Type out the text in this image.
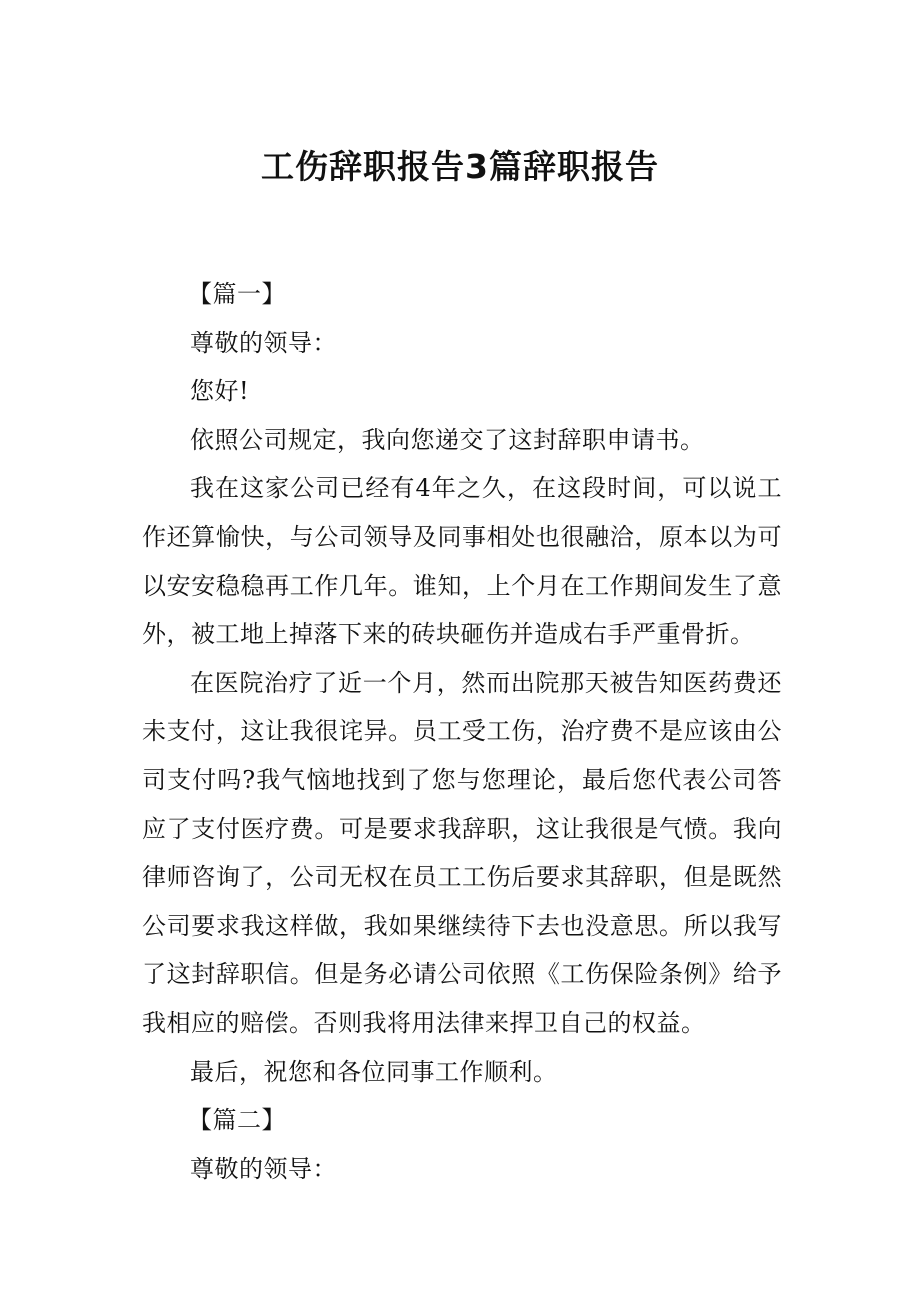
工伤辞职报告3篇辞职报告

【篇一】

尊敬的领导：

您好!

依照公司规定，我向您递交了这封辞职申请书。

我在这家公司已经有4年之久，在这段时间，可以说工作还算愉快，与公司领导及同事相处也很融洽，原本以为可以安安稳稳再工作几年。谁知，上个月在工作期间发生了意外，被工地上掉落下来的砖块砸伤并造成右手严重骨折。

在医院治疗了近一个月，然而出院那天被告知医药费还未支付，这让我很诧异。员工受工伤，治疗费不是应该由公司支付吗?我气恼地找到了您与您理论，最后您代表公司答应了支付医疗费。可是要求我辞职，这让我很是气愤。我向律师咨询了，公司无权在员工工伤后要求其辞职，但是既然公司要求我这样做，我如果继续待下去也没意思。所以我写了这封辞职信。但是务必请公司依照《工伤保险条例》给予我相应的赔偿。否则我将用法律来捍卫自己的权益。

最后，祝您和各位同事工作顺利。

【篇二】

尊敬的领导：
